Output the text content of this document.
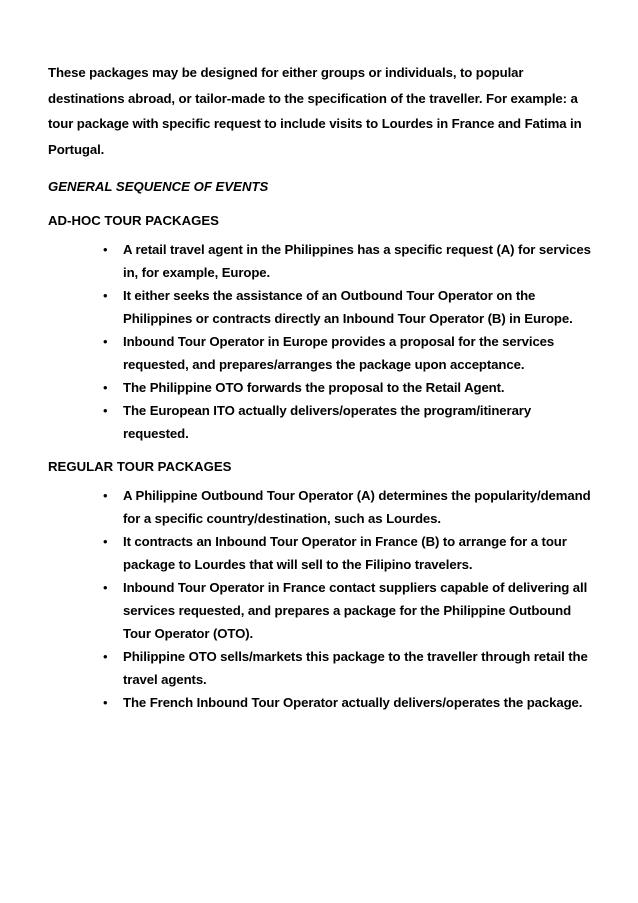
These packages may be designed for either groups or individuals, to popular destinations abroad, or tailor-made to the specification of the traveller. For example: a tour package with specific request to include visits to Lourdes in France and Fatima in Portugal.

GENERAL SEQUENCE OF EVENTS
AD-HOC TOUR PACKAGES
• A retail travel agent in the Philippines has a specific request (A) for services in, for example, Europe.
• It either seeks the assistance of an Outbound Tour Operator on the Philippines or contracts directly an Inbound Tour Operator (B) in Europe.
• Inbound Tour Operator in Europe provides a proposal for the services requested, and prepares/arranges the package upon acceptance.
• The Philippine OTO forwards the proposal to the Retail Agent.
• The European ITO actually delivers/operates the program/itinerary requested.
REGULAR TOUR PACKAGES
• A Philippine Outbound Tour Operator (A) determines the popularity/demand for a specific country/destination, such as Lourdes.
• It contracts an Inbound Tour Operator in France (B) to arrange for a tour package to Lourdes that will sell to the Filipino travelers.
• Inbound Tour Operator in France contact suppliers capable of delivering all services requested, and prepares a package for the Philippine Outbound Tour Operator (OTO).
• Philippine OTO sells/markets this package to the traveller through retail the travel agents.
• The French Inbound Tour Operator actually delivers/operates the package.
